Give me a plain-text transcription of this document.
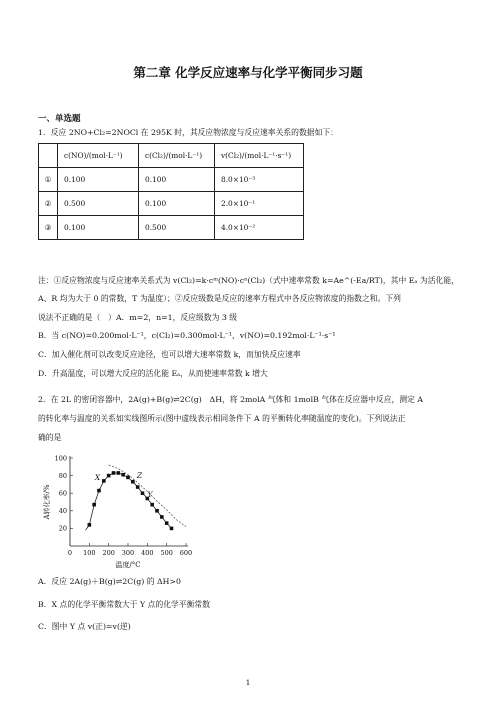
第二章 化学反应速率与化学平衡同步习题
一、单选题
1．反应 2NO+Cl₂=2NOCl 在 295K 时，其反应物浓度与反应速率关系的数据如下：
	c(NO)/(mol·L⁻¹)	c(Cl₂)/(mol·L⁻¹)	v(Cl₂)/(mol·L⁻¹·s⁻¹)
①	0.100	0.100	8.0×10⁻³
②	0.500	0.100	2.0×10⁻¹
③	0.100	0.500	4.0×10⁻²
注：①反应物浓度与反应速率关系式为 v(Cl₂)=k·cᵐ(NO)·cⁿ(Cl₂)（式中速率常数 k=Ae^(-Ea/RT)，其中 Eₐ 为活化能，
A、R 均为大于 0 的常数，T 为温度）；②反应级数是反应的速率方程式中各反应物浓度的指数之和。下列
说法不正确的是（　）A．m=2，n=1，反应级数为 3 级
B．当 c(NO)=0.200mol·L⁻¹，c(Cl₂)=0.300mol·L⁻¹，v(NO)=0.192mol·L⁻¹·s⁻¹
C．加入催化剂可以改变反应途径，也可以增大速率常数 k，而加快反应速率
D．升高温度，可以增大反应的活化能 Eₐ，从而使速率常数 k 增大
2．在 2L 的密闭容器中，2A(g)+B(g)⇌2C(g)　ΔH，将 2molA 气体和 1molB 气体在反应器中反应，测定 A
的转化率与温度的关系如实线图所示(图中虚线表示相同条件下 A 的平衡转化率随温度的变化)。下列说法正
确的是
20
40
60
80
100
0 100 200 300 400 500 600
温度/°C
A转化率/%
X	Z
Y
A．反应 2A(g)＋B(g)⇌2C(g) 的 ΔH>0
B．X 点的化学平衡常数大于 Y 点的化学平衡常数
C．图中 Y 点 v(正)=v(逆)
1
